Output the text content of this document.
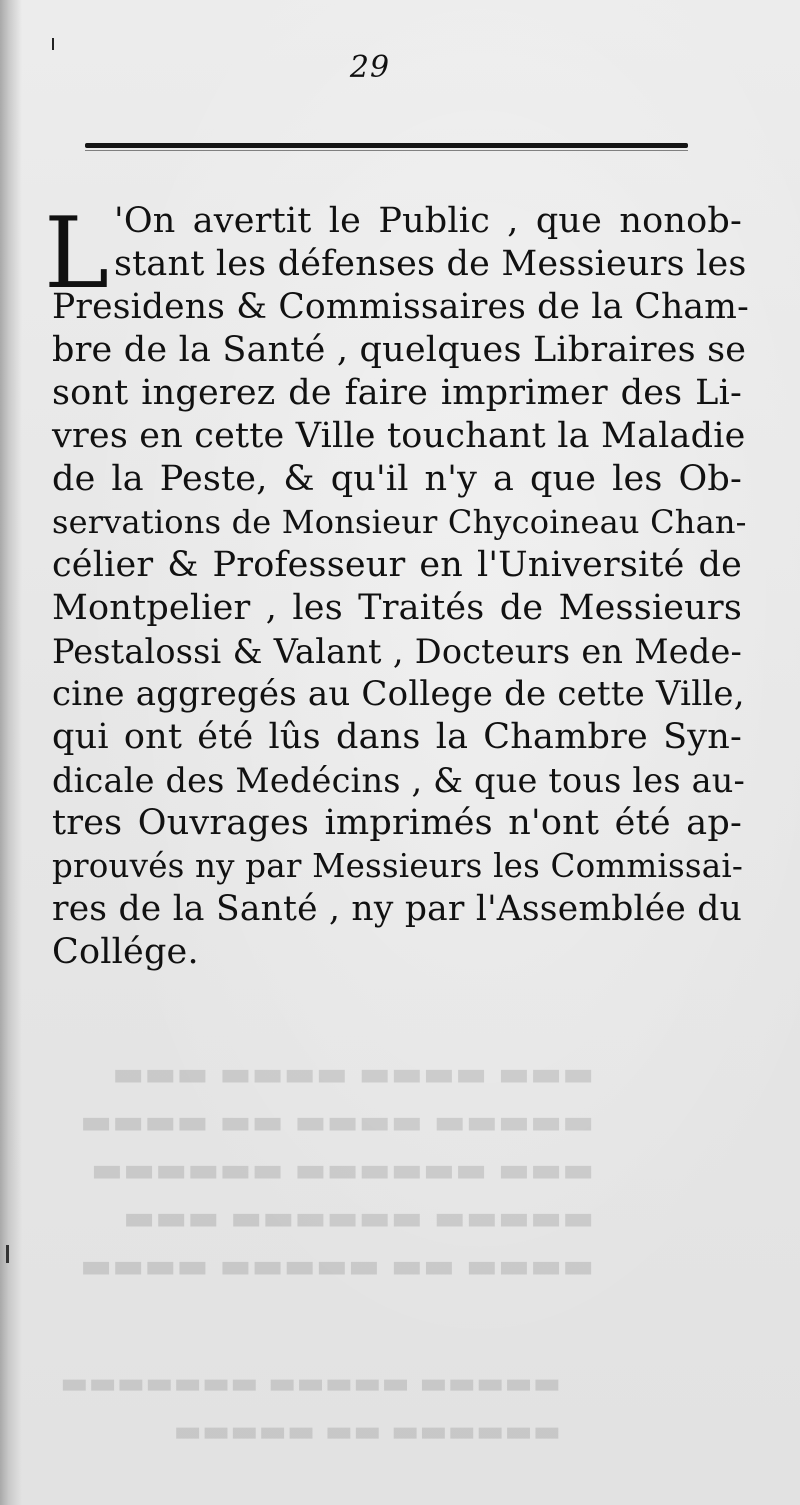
29
▬▬▬ ▬▬▬▬ ▬▬▬▬ ▬▬▬
▬▬▬▬▬ ▬▬▬▬ ▬▬ ▬▬▬▬
▬▬▬ ▬▬▬▬▬▬ ▬▬▬▬▬▬
▬▬▬▬▬ ▬▬▬▬▬▬ ▬▬▬
▬▬▬▬ ▬▬ ▬▬▬▬▬ ▬▬▬▬
▬▬▬▬▬ ▬▬▬▬▬ ▬▬▬▬▬▬▬
▬▬▬▬▬▬ ▬▬ ▬▬▬▬▬
L 'On avertit le Public , que nonob-
stant les défenses de Messieurs les
Presidens & Commissaires de la Cham-
bre de la Santé , quelques Libraires se
sont ingerez de faire imprimer des Li-
vres en cette Ville touchant la Maladie
de la Peste, & qu'il n'y a que les Ob-
servations de Monsieur Chycoineau Chan-
célier & Professeur en l'Université de
Montpelier , les Traités de Messieurs
Pestalossi & Valant , Docteurs en Mede-
cine aggregés au College de cette Ville,
qui ont été lûs dans la Chambre Syn-
dicale des Medécins , & que tous les au-
tres Ouvrages imprimés n'ont été ap-
prouvés ny par Messieurs les Commissai-
res de la Santé , ny par l'Assemblée du
Collége.
